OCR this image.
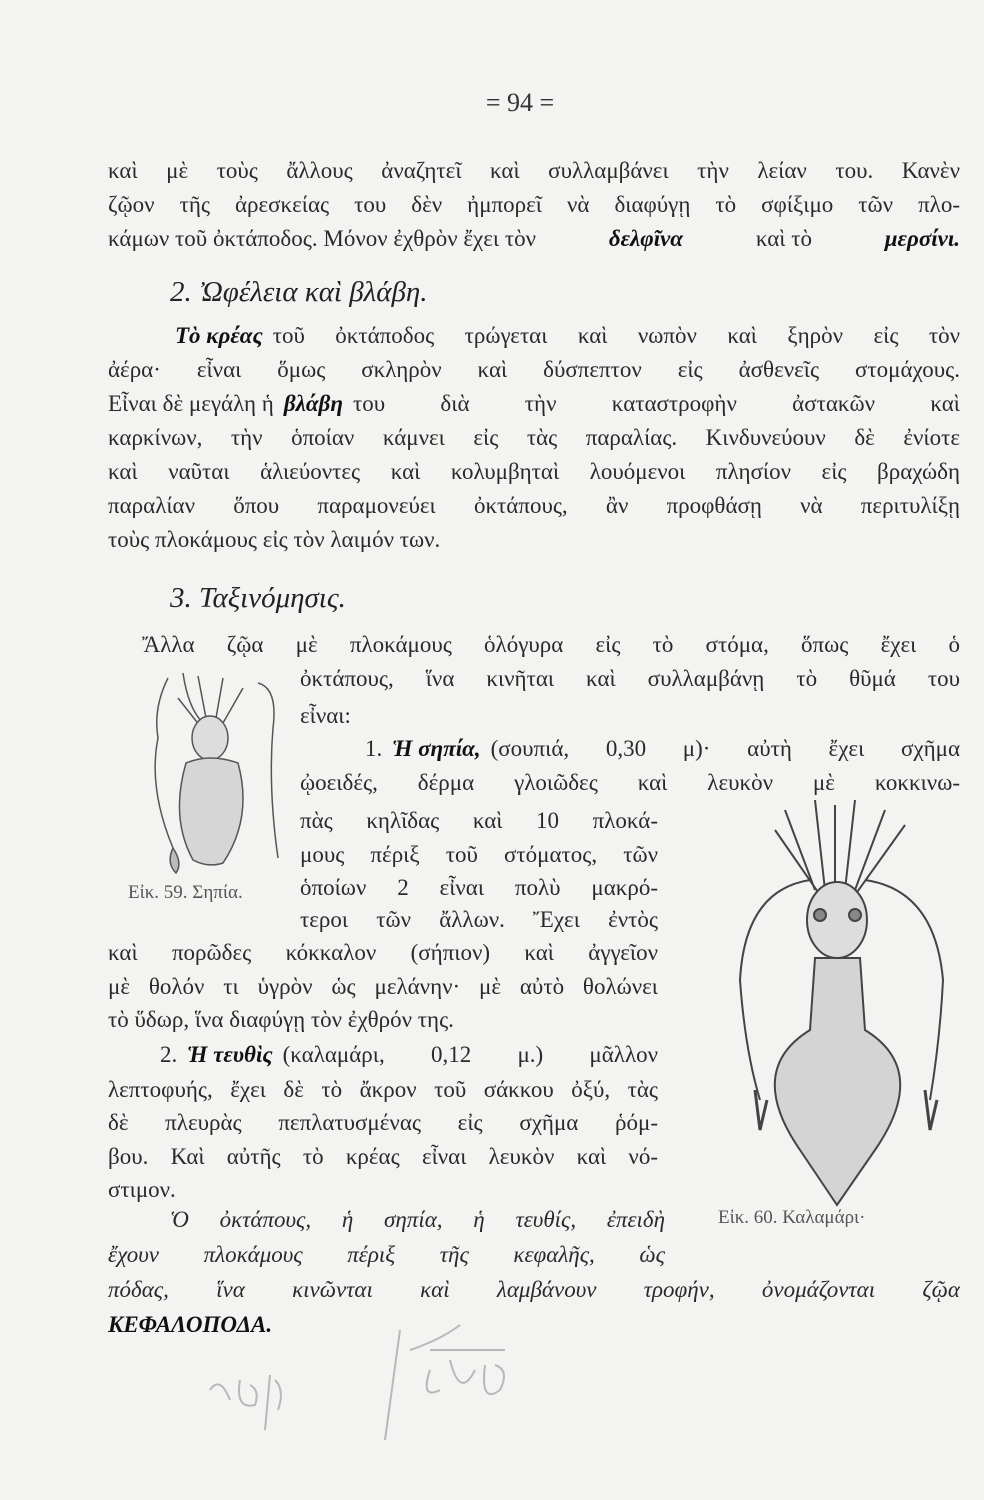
= 94 =
καὶ μὲ τοὺς ἄλλους ἀναζητεῖ καὶ συλλαμβάνει τὴν λείαν του. Κανὲν
ζῷον τῆς ἀρεσκείας του δὲν ἠμπορεῖ νὰ διαφύγῃ τὸ σφίξιμο τῶν πλο-
κάμων τοῦ ὀκτάποδος. Μόνον ἐχθρὸν ἔχει τὸν	δελφῖνα	καὶ τὸ	μερσίνι.
2. Ὠφέλεια καὶ βλάβη.
Τὸ κρέας τοῦ ὀκτάποδος τρώγεται καὶ νωπὸν καὶ ξηρὸν εἰς τὸν
ἀέρα· εἶναι ὅμως σκληρὸν καὶ δύσπεπτον εἰς ἀσθενεῖς στομάχους.
Εἶναι δὲ μεγάλη ἡ βλάβη του διὰ τὴν καταστροφὴν ἀστακῶν καὶ
καρκίνων, τὴν ὁποίαν κάμνει εἰς τὰς παραλίας. Κινδυνεύουν δὲ ἐνίοτε
καὶ ναῦται ἁλιεύοντες καὶ κολυμβηταὶ λουόμενοι πλησίον εἰς βραχώδη
παραλίαν ὅπου παραμονεύει ὀκτάπους, ἂν προφθάσῃ νὰ περιτυλίξῃ
τοὺς πλοκάμους εἰς τὸν λαιμόν των.
3. Ταξινόμησις.
Ἄλλα ζῷα μὲ πλοκάμους ὁλόγυρα εἰς τὸ στόμα, ὅπως ἔχει ὁ
ὀκτάπους, ἵνα κινῆται καὶ συλλαμβάνῃ τὸ θῦμά του
εἶναι:
1. Ἡ σηπία, (σουπιά, 0,30 μ)· αὐτὴ ἔχει σχῆμα
ᾠοειδές, δέρμα γλοιῶδες καὶ λευκὸν μὲ κοκκινω-
πὰς κηλῖδας καὶ 10 πλοκά-
μους πέριξ τοῦ στόματος, τῶν
ὁποίων 2 εἶναι πολὺ μακρό-
τεροι τῶν ἄλλων. Ἔχει ἐντὸς
καὶ πορῶδες κόκκαλον (σήπιον) καὶ ἀγγεῖον
μὲ θολόν τι ὑγρὸν ὡς μελάνην· μὲ αὐτὸ θολώνει
τὸ ὕδωρ, ἵνα διαφύγῃ τὸν ἐχθρόν της.
2. Ἡ τευθὶς (καλαμάρι, 0,12 μ.) μᾶλλον
λεπτοφυής, ἔχει δὲ τὸ ἄκρον τοῦ σάκκου ὀξύ, τὰς
δὲ πλευρὰς πεπλατυσμένας εἰς σχῆμα ῥόμ-
βου. Καὶ αὐτῆς τὸ κρέας εἶναι λευκὸν καὶ νό-
στιμον.
Ὁ ὀκτάπους, ἡ σηπία, ἡ τευθίς, ἐπειδὴ
ἔχουν πλοκάμους πέριξ τῆς κεφαλῆς, ὡς
πόδας, ἵνα κινῶνται καὶ λαμβάνουν τροφήν, ὀνομάζονται ζῷα
ΚΕΦΑΛΟΠΟΔΑ.
Εἰκ. 59. Σηπία.
Εἰκ. 60. Καλαμάρι·
